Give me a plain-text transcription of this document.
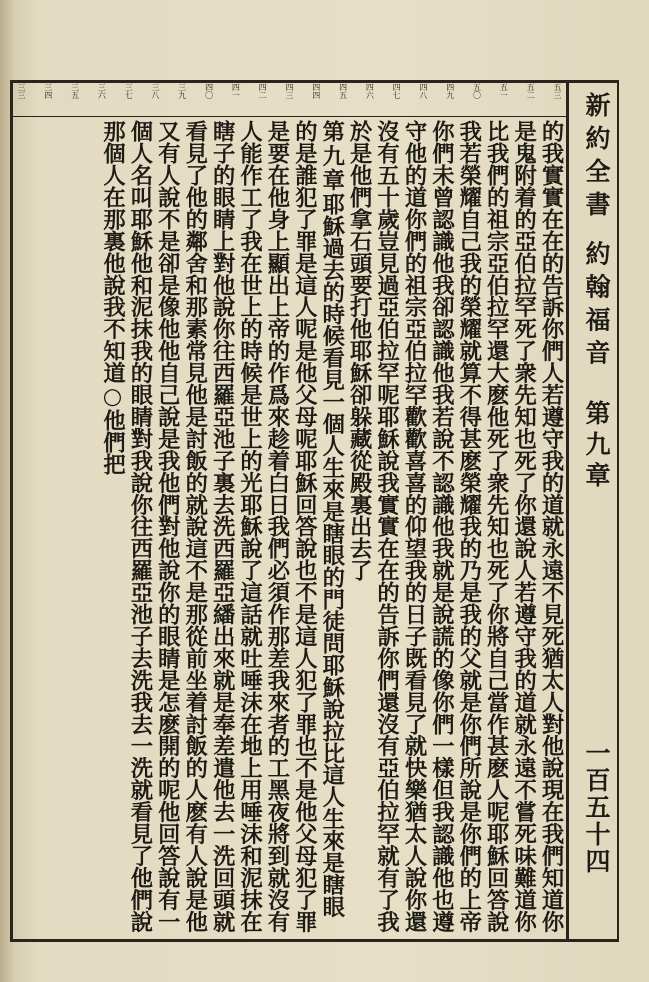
五三
五二
五一
五〇
四九
四八
四七
四六
四五
四四
四三
四二
四一
四〇
三九
三八
三七
三六
三五
三四
三三
新約全書 約翰福音
第九章
一百五十四

的我實實在在的告訴你們人若遵守我的道就永遠不見死猶太人對他說現在我們知道你是鬼附着的亞伯拉罕死了衆先知也死了你還說人若遵守我的道就永遠不嘗死味難道你比我們的祖宗亞伯拉罕還大麽他死了衆先知也死了你將自己當作甚麽人呢耶穌回答說我若榮耀自己我的榮耀就算不得甚麽榮耀我的乃是我的父就是你們所說是你們的上帝你們未曾認識他我卻認識他我若說不認識他我就是說謊的像你們一樣但我認識他也遵守他的道你們的祖宗亞伯拉罕歡歡喜喜的仰望我的日子既看見了就快樂猶太人說你還沒有五十歲豈見過亞伯拉罕呢耶穌說我實實在在的告訴你們還沒有亞伯拉罕就有了我於是他們拿石頭要打他耶穌卻躲藏從殿裏出去了

第九章耶穌過去的時候看見一個人生來是瞎眼的門徒問耶穌說拉比這人生來是瞎眼的是誰犯了罪是這人呢是他父母呢耶穌回答說也不是這人犯了罪也不是他父母犯了罪是要在他身上顯出上帝的作爲來趁着白日我們必須作那差我來者的工黑夜將到就沒有人能作工了我在世上的時候是世上的光耶穌說了這話就吐唾沫在地上用唾沫和泥抹在瞎子的眼睛上對他說你往西羅亞池子裏去洗西羅亞繙出來就是奉差遣他去一洗回頭就看見了他的鄰舍和那素常見他是討飯的就說這不是那從前坐着討飯的人麽有人說是他又有人說不是卻是像他他自己說是我他們對他說你的眼睛是怎麽開的呢他回答說有一個人名叫耶穌他和泥抹我的眼睛對我說你往西羅亞池子去洗我去一洗就看見了他們說那個人在那裏他說我不知道○他們把
